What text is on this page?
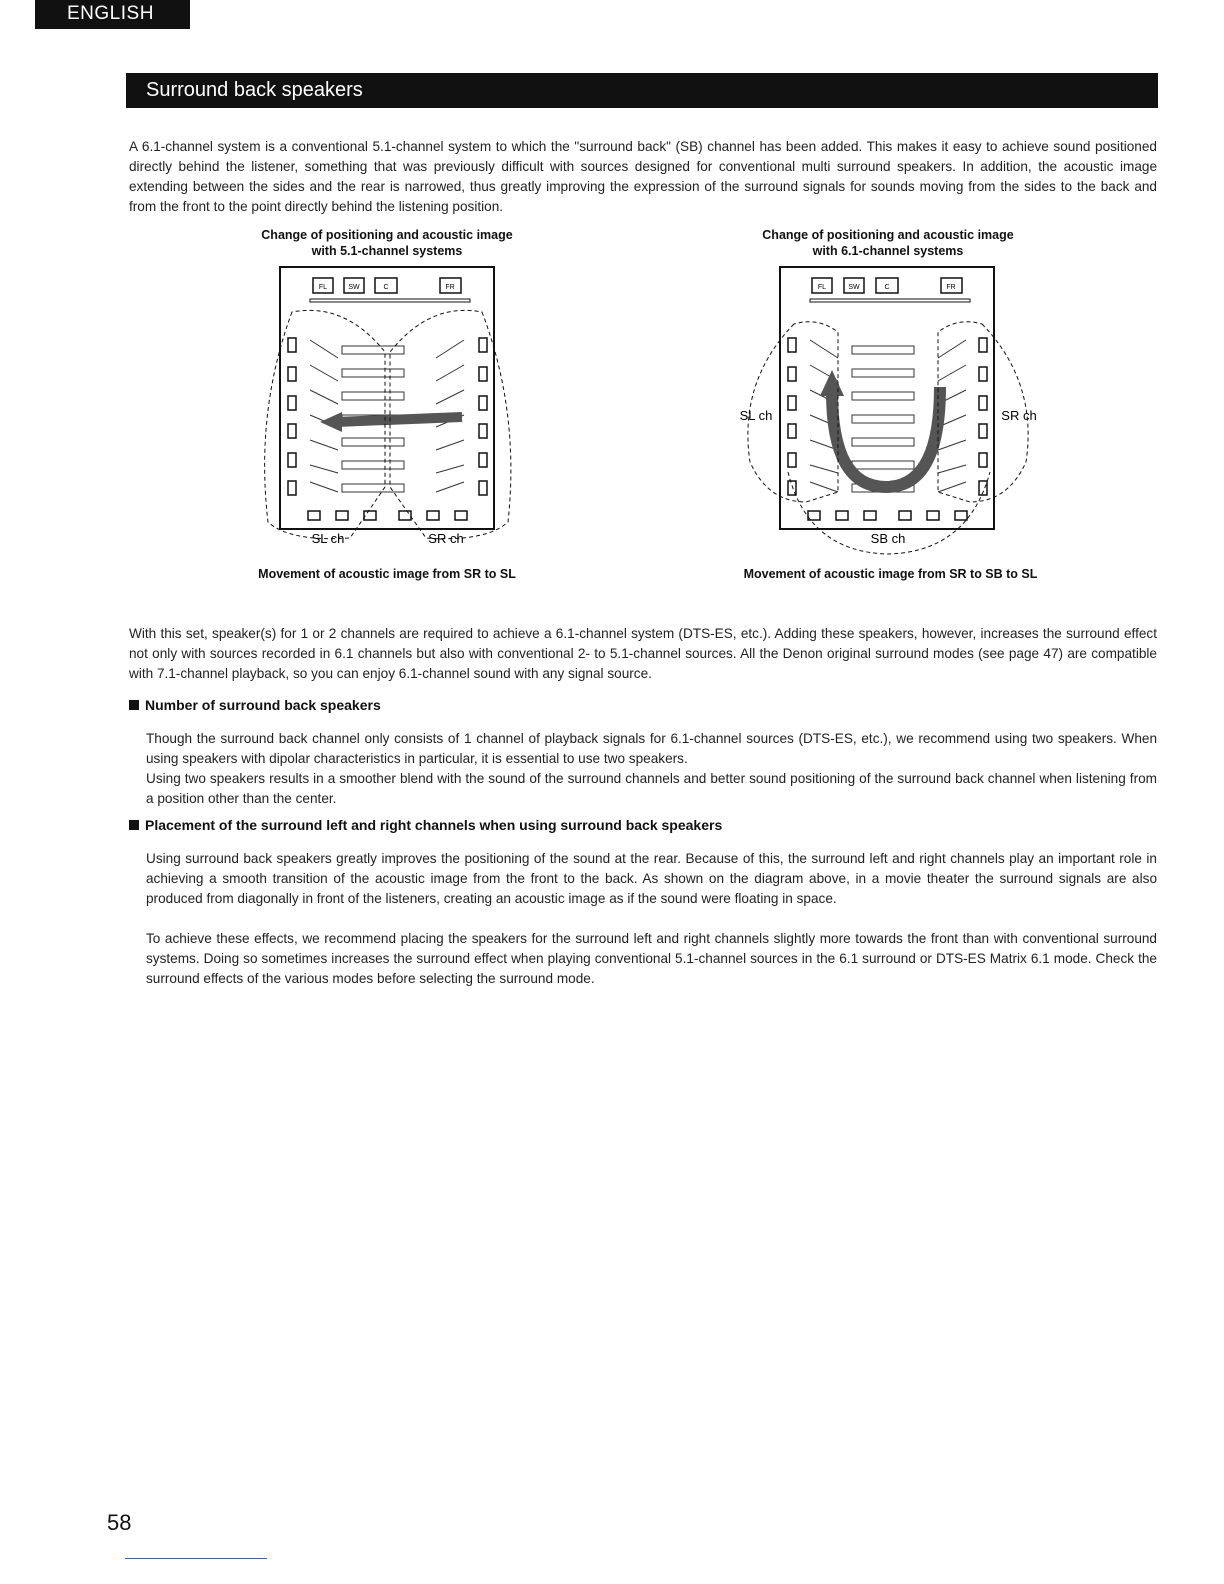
ENGLISH
Surround back speakers

A 6.1-channel system is a conventional 5.1-channel system to which the "surround back" (SB) channel has been added. This makes it easy to achieve sound positioned directly behind the listener, something that was previously difficult with sources designed for conventional multi surround speakers. In addition, the acoustic image extending between the sides and the rear is narrowed, thus greatly improving the expression of the surround signals for sounds moving from the sides to the back and from the front to the point directly behind the listening position.

Change of positioning and acoustic image
with 5.1-channel systems
Change of positioning and acoustic image
with 6.1-channel systems
FL	SW	C	FR
SL ch	SR ch
FL	SW	C	FR
SL ch	SR ch
SB ch
Movement of acoustic image from SR to SL	Movement of acoustic image from SR to SB to SL

With this set, speaker(s) for 1 or 2 channels are required to achieve a 6.1-channel system (DTS-ES, etc.). Adding these speakers, however, increases the surround effect not only with sources recorded in 6.1 channels but also with conventional 2- to 5.1-channel sources. All the Denon original surround modes (see page 47) are compatible with 7.1-channel playback, so you can enjoy 6.1-channel sound with any signal source.

Number of surround back speakers

Though the surround back channel only consists of 1 channel of playback signals for 6.1-channel sources (DTS-ES, etc.), we recommend using two speakers. When using speakers with dipolar characteristics in particular, it is essential to use two speakers.

Using two speakers results in a smoother blend with the sound of the surround channels and better sound positioning of the surround back channel when listening from a position other than the center.

Placement of the surround left and right channels when using surround back speakers

Using surround back speakers greatly improves the positioning of the sound at the rear. Because of this, the surround left and right channels play an important role in achieving a smooth transition of the acoustic image from the front to the back. As shown on the diagram above, in a movie theater the surround signals are also produced from diagonally in front of the listeners, creating an acoustic image as if the sound were floating in space.

To achieve these effects, we recommend placing the speakers for the surround left and right channels slightly more towards the front than with conventional surround systems. Doing so sometimes increases the surround effect when playing conventional 5.1-channel sources in the 6.1 surround or DTS-ES Matrix 6.1 mode. Check the surround effects of the various modes before selecting the surround mode.

58
